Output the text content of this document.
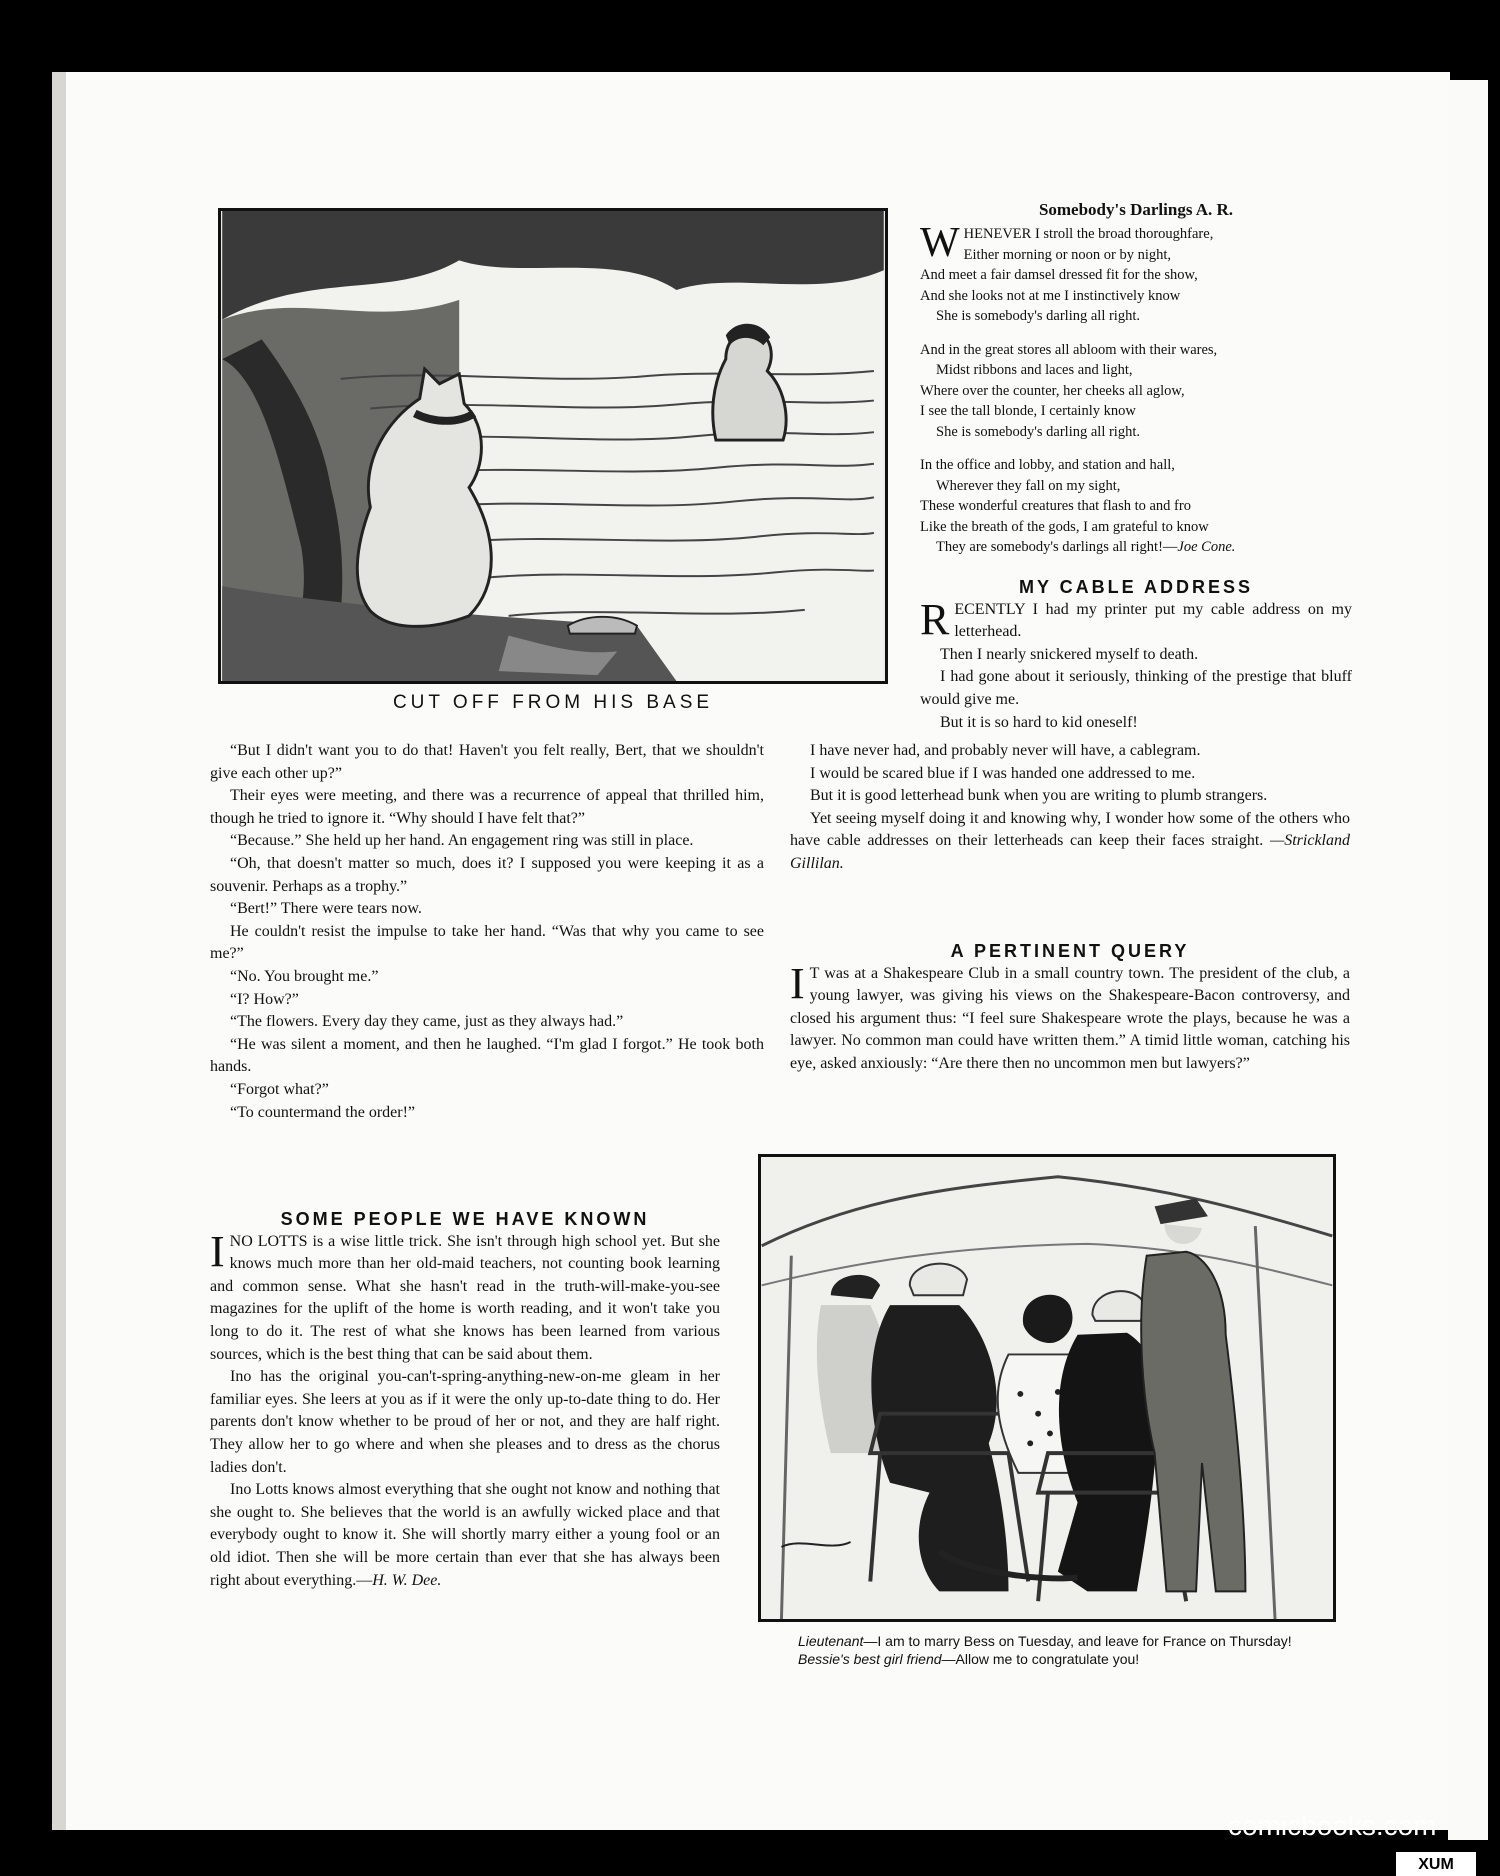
CUT OFF FROM HIS BASE
Somebody's Darlings A. R.
W HENEVER I stroll the broad thoroughfare,
Either morning or noon or by night,
And meet a fair damsel dressed fit for the show,
And she looks not at me I instinctively know
She is somebody's darling all right.
And in the great stores all abloom with their wares,
Midst ribbons and laces and light,
Where over the counter, her cheeks all aglow,
I see the tall blonde, I certainly know
She is somebody's darling all right.
In the office and lobby, and station and hall,
Wherever they fall on my sight,
These wonderful creatures that flash to and fro
Like the breath of the gods, I am grateful to know
They are somebody's darlings all right!—Joe Cone.
MY CABLE ADDRESS

RECENTLY I had my printer put my cable address on my letterhead.

Then I nearly snickered myself to death.

I had gone about it seriously, thinking of the prestige that bluff would give me.

But it is so hard to kid oneself!

I have never had, and probably never will have, a cablegram.

I would be scared blue if I was handed one addressed to me.

But it is good letterhead bunk when you are writing to plumb strangers.

Yet seeing myself doing it and knowing why, I wonder how some of the others who have cable addresses on their letterheads can keep their faces straight. —Strickland Gillilan.

A PERTINENT QUERY

I T was at a Shakespeare Club in a small country town. The president of the club, a young lawyer, was giving his views on the Shakespeare-Bacon controversy, and closed his argument thus: “I feel sure Shakespeare wrote the plays, because he was a lawyer. No common man could have written them.” A timid little woman, catching his eye, asked anxiously: “Are there then no uncommon men but lawyers?”

“But I didn't want you to do that! Haven't you felt really, Bert, that we shouldn't give each other up?”

Their eyes were meeting, and there was a recurrence of appeal that thrilled him, though he tried to ignore it. “Why should I have felt that?”

“Because.” She held up her hand. An engagement ring was still in place.

“Oh, that doesn't matter so much, does it? I supposed you were keeping it as a souvenir. Perhaps as a trophy.”

“Bert!” There were tears now.

He couldn't resist the impulse to take her hand. “Was that why you came to see me?”

“No. You brought me.”

“I? How?”

“The flowers. Every day they came, just as they always had.”

“He was silent a moment, and then he laughed. “I'm glad I forgot.” He took both hands.

“Forgot what?”

“To countermand the order!”

SOME PEOPLE WE HAVE KNOWN

INO LOTTS is a wise little trick. She isn't through high school yet. But she knows much more than her old-maid teachers, not counting book learning and common sense. What she hasn't read in the truth-will-make-you-see magazines for the uplift of the home is worth reading, and it won't take you long to do it. The rest of what she knows has been learned from various sources, which is the best thing that can be said about them.

Ino has the original you-can't-spring-anything-new-on-me gleam in her familiar eyes. She leers at you as if it were the only up-to-date thing to do. Her parents don't know whether to be proud of her or not, and they are half right. They allow her to go where and when she pleases and to dress as the chorus ladies don't.

Ino Lotts knows almost everything that she ought not know and nothing that she ought to. She believes that the world is an awfully wicked place and that everybody ought to know it. She will shortly marry either a young fool or an old idiot. Then she will be more certain than ever that she has always been right about everything.—H. W. Dee.

Lieutenant—I am to marry Bess on Tuesday, and leave for France on Thursday!
Bessie's best girl friend—Allow me to congratulate you!
comicbooks.com
XUM
